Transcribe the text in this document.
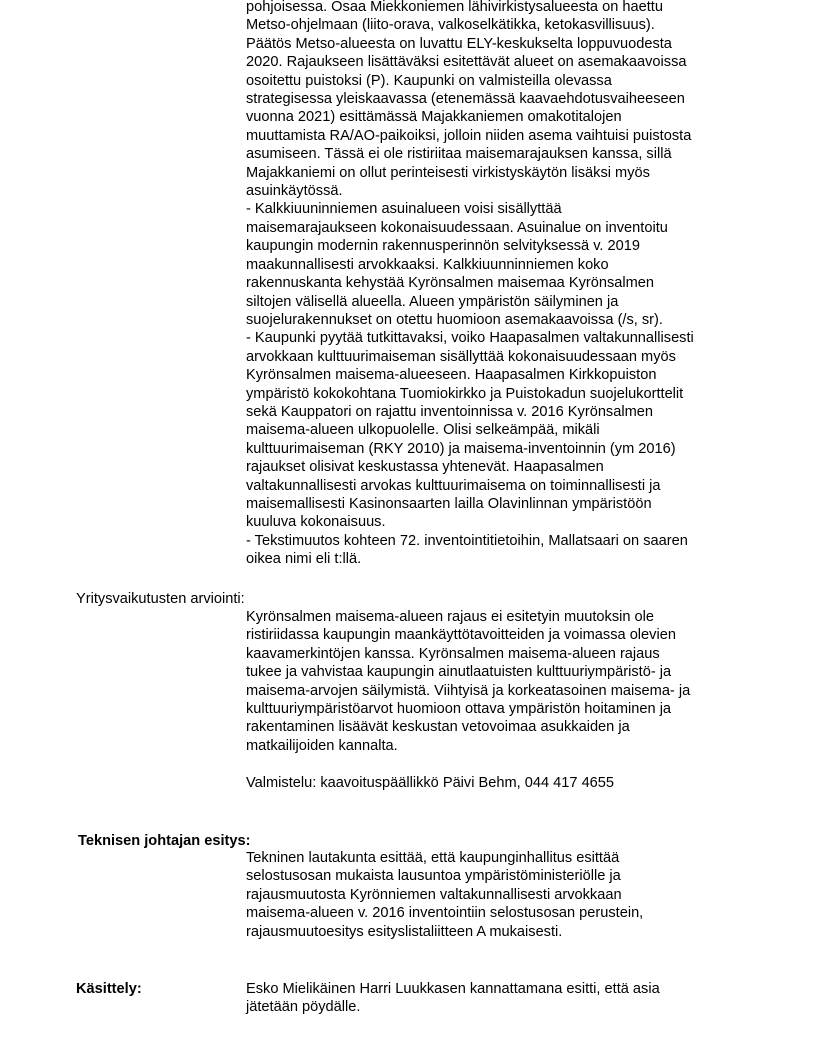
pohjoisessa. Osaa Miekkoniemen lähivirkistysalueesta on haettu
Metso-ohjelmaan (liito-orava, valkoselkätikka, ketokasvillisuus).
Päätös Metso-alueesta on luvattu ELY-keskukselta loppuvuodesta
2020. Rajaukseen lisättäväksi esitettävät alueet on asemakaavoissa
osoitettu puistoksi (P). Kaupunki on valmisteilla olevassa
strategisessa yleiskaavassa (etenemässä kaavaehdotusvaiheeseen
vuonna 2021) esittämässä Majakkaniemen omakotitalojen
muuttamista RA/AO-paikoiksi, jolloin niiden asema vaihtuisi puistosta
asumiseen. Tässä ei ole ristiriitaa maisemarajauksen kanssa, sillä
Majakkaniemi on ollut perinteisesti virkistyskäytön lisäksi myös
asuinkäytössä.
- Kalkkiuuninniemen asuinalueen voisi sisällyttää
maisemarajaukseen kokonaisuudessaan. Asuinalue on inventoitu
kaupungin modernin rakennusperinnön selvityksessä v. 2019
maakunnallisesti arvokkaaksi. Kalkkiuunninniemen koko
rakennuskanta kehystää Kyrönsalmen maisemaa Kyrönsalmen
siltojen välisellä alueella. Alueen ympäristön säilyminen ja
suojelurakennukset on otettu huomioon asemakaavoissa (/s, sr).
- Kaupunki pyytää tutkittavaksi, voiko Haapasalmen valtakunnallisesti
arvokkaan kulttuurimaiseman sisällyttää kokonaisuudessaan myös
Kyrönsalmen maisema-alueeseen. Haapasalmen Kirkkopuiston
ympäristö kokokohtana Tuomiokirkko ja Puistokadun suojelukorttelit
sekä Kauppatori on rajattu inventoinnissa v. 2016 Kyrönsalmen
maisema-alueen ulkopuolelle. Olisi selkeämpää, mikäli
kulttuurimaiseman (RKY 2010) ja maisema-inventoinnin (ym 2016)
rajaukset olisivat keskustassa yhtenevät. Haapasalmen
valtakunnallisesti arvokas kulttuurimaisema on toiminnallisesti ja
maisemallisesti Kasinonsaarten lailla Olavinlinnan ympäristöön
kuuluva kokonaisuus.
- Tekstimuutos kohteen 72. inventointitietoihin, Mallatsaari on saaren
oikea nimi eli t:llä.
Yritysvaikutusten arviointi:
Kyrönsalmen maisema-alueen rajaus ei esitetyin muutoksin ole
ristiriidassa kaupungin maankäyttötavoitteiden ja voimassa olevien
kaavamerkintöjen kanssa. Kyrönsalmen maisema-alueen rajaus
tukee ja vahvistaa kaupungin ainutlaatuisten kulttuuriympäristö- ja
maisema-arvojen säilymistä. Viihtyisä ja korkeatasoinen maisema- ja
kulttuuriympäristöarvot huomioon ottava ympäristön hoitaminen ja
rakentaminen lisäävät keskustan vetovoimaa asukkaiden ja
matkailijoiden kannalta.
Valmistelu: kaavoituspäällikkö Päivi Behm, 044 417 4655
Teknisen johtajan esitys:
Tekninen lautakunta esittää, että kaupunginhallitus esittää
selostusosan mukaista lausuntoa ympäristöministeriölle ja
rajausmuutosta Kyrönniemen valtakunnallisesti arvokkaan
maisema-alueen v. 2016 inventointiin selostusosan perustein,
rajausmuutoesitys esityslistaliitteen A mukaisesti.
Käsittely:	Esko Mielikäinen Harri Luukkasen kannattamana esitti, että asia
jätetään pöydälle.
